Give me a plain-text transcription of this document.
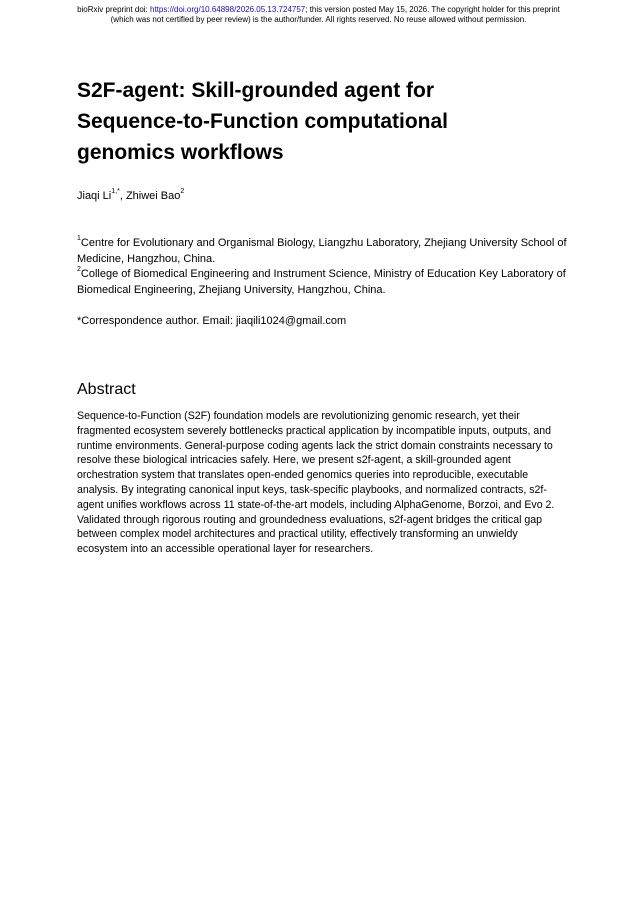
bioRxiv preprint doi: https://doi.org/10.64898/2026.05.13.724757; this version posted May 15, 2026. The copyright holder for this preprint
(which was not certified by peer review) is the author/funder. All rights reserved. No reuse allowed without permission.
S2F-agent: Skill-grounded agent for
Sequence-to-Function computational
genomics workflows
Jiaqi $Li^{1,*}$, Zhiwei Bao$^2$
$^1$Centre for Evolutionary and Organismal Biology, Liangzhu Laboratory, Zhejiang University School of Medicine, Hangzhou, China.
$^2$College of Biomedical Engineering and Instrument Science, Ministry of Education Key Laboratory of Biomedical Engineering, Zhejiang University, Hangzhou, China.
*Correspondence author. Email: jiaqili1024@gmail.com
Abstract

Sequence-to-Function (S2F) foundation models are revolutionizing genomic research, yet their fragmented ecosystem severely bottlenecks practical application by incompatible inputs, outputs, and runtime environments. General-purpose coding agents lack the strict domain constraints necessary to resolve these biological intricacies safely. Here, we present s2f-agent, a skill-grounded agent orchestration system that translates open-ended genomics queries into reproducible, executable analysis. By integrating canonical input keys, task-specific playbooks, and normalized contracts, s2f-agent unifies workflows across 11 state-of-the-art models, including AlphaGenome, Borzoi, and Evo 2. Validated through rigorous routing and groundedness evaluations, s2f-agent bridges the critical gap between complex model architectures and practical utility, effectively transforming an unwieldy ecosystem into an accessible operational layer for researchers.
